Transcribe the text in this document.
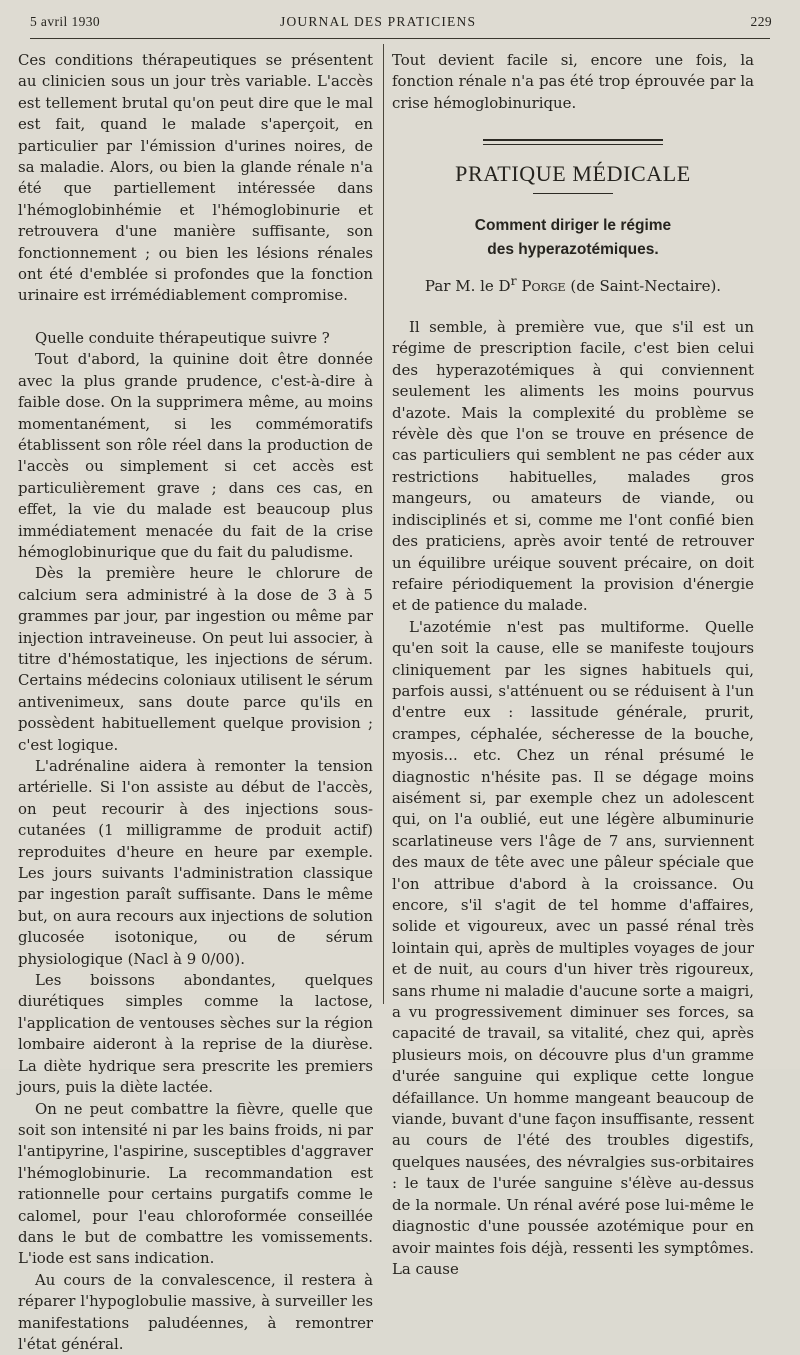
5 avril 1930	JOURNAL DES PRATICIENS	229

Ces conditions thérapeutiques se présentent au clinicien sous un jour très variable. L'accès est tellement brutal qu'on peut dire que le mal est fait, quand le malade s'aperçoit, en particulier par l'émission d'urines noires, de sa maladie. Alors, ou bien la glande rénale n'a été que partiellement intéressée dans l'hémoglobinhémie et l'hémoglobinurie et retrouvera d'une manière suffisante, son fonctionnement ; ou bien les lésions rénales ont été d'emblée si profondes que la fonction urinaire est irrémédiablement compromise.

Quelle conduite thérapeutique suivre ?

Tout d'abord, la quinine doit être donnée avec la plus grande prudence, c'est-à-dire à faible dose. On la supprimera même, au moins momentanément, si les commémoratifs établissent son rôle réel dans la production de l'accès ou simplement si cet accès est particulièrement grave ; dans ces cas, en effet, la vie du malade est beaucoup plus immédiatement menacée du fait de la crise hémoglobinurique que du fait du paludisme.

Dès la première heure le chlorure de calcium sera administré à la dose de 3 à 5 grammes par jour, par ingestion ou même par injection intraveineuse. On peut lui associer, à titre d'hémostatique, les injections de sérum. Certains médecins coloniaux utilisent le sérum antivenimeux, sans doute parce qu'ils en possèdent habituellement quelque provision ; c'est logique.

L'adrénaline aidera à remonter la tension artérielle. Si l'on assiste au début de l'accès, on peut recourir à des injections sous-cutanées (1 milligramme de produit actif) reproduites d'heure en heure par exemple. Les jours suivants l'administration classique par ingestion paraît suffisante. Dans le même but, on aura recours aux injections de solution glucosée isotonique, ou de sérum physiologique (Nacl à 9 0/00).

Les boissons abondantes, quelques diurétiques simples comme la lactose, l'application de ventouses sèches sur la région lombaire aideront à la reprise de la diurèse. La diète hydrique sera prescrite les premiers jours, puis la diète lactée.

On ne peut combattre la fièvre, quelle que soit son intensité ni par les bains froids, ni par l'antipyrine, l'aspirine, susceptibles d'aggraver l'hémoglobinurie. La recommandation est rationnelle pour certains purgatifs comme le calomel, pour l'eau chloroformée conseillée dans le but de combattre les vomissements. L'iode est sans indication.

Au cours de la convalescence, il restera à réparer l'hypoglobulie massive, à surveiller les manifestations paludéennes, à remontrer l'état général.

Tout devient facile si, encore une fois, la fonction rénale n'a pas été trop éprouvée par la crise hémoglobinurique.

PRATIQUE MÉDICALE
Comment diriger le régime
des hyperazotémiques.
Par M. le $D^r$ Porge (de Saint-Nectaire).

Il semble, à première vue, que s'il est un régime de prescription facile, c'est bien celui des hyperazotémiques à qui conviennent seulement les aliments les moins pourvus d'azote. Mais la complexité du problème se révèle dès que l'on se trouve en présence de cas particuliers qui semblent ne pas céder aux restrictions habituelles, malades gros mangeurs, ou amateurs de viande, ou indisciplinés et si, comme me l'ont confié bien des praticiens, après avoir tenté de retrouver un équilibre uréique souvent précaire, on doit refaire périodiquement la provision d'énergie et de patience du malade.

L'azotémie n'est pas multiforme. Quelle qu'en soit la cause, elle se manifeste toujours cliniquement par les signes habituels qui, parfois aussi, s'atténuent ou se réduisent à l'un d'entre eux : lassitude générale, prurit, crampes, céphalée, sécheresse de la bouche, myosis... etc. Chez un rénal présumé le diagnostic n'hésite pas. Il se dégage moins aisément si, par exemple chez un adolescent qui, on l'a oublié, eut une légère albuminurie scarlatineuse vers l'âge de 7 ans, surviennent des maux de tête avec une pâleur spéciale que l'on attribue d'abord à la croissance. Ou encore, s'il s'agit de tel homme d'affaires, solide et vigoureux, avec un passé rénal très lointain qui, après de multiples voyages de jour et de nuit, au cours d'un hiver très rigoureux, sans rhume ni maladie d'aucune sorte a maigri, a vu progressivement diminuer ses forces, sa capacité de travail, sa vitalité, chez qui, après plusieurs mois, on découvre plus d'un gramme d'urée sanguine qui explique cette longue défaillance. Un homme mangeant beaucoup de viande, buvant d'une façon insuffisante, ressent au cours de l'été des troubles digestifs, quelques nausées, des névralgies sus-orbitaires : le taux de l'urée sanguine s'élève au-dessus de la normale. Un rénal avéré pose lui-même le diagnostic d'une poussée azotémique pour en avoir maintes fois déjà, ressenti les symptômes. La cause
